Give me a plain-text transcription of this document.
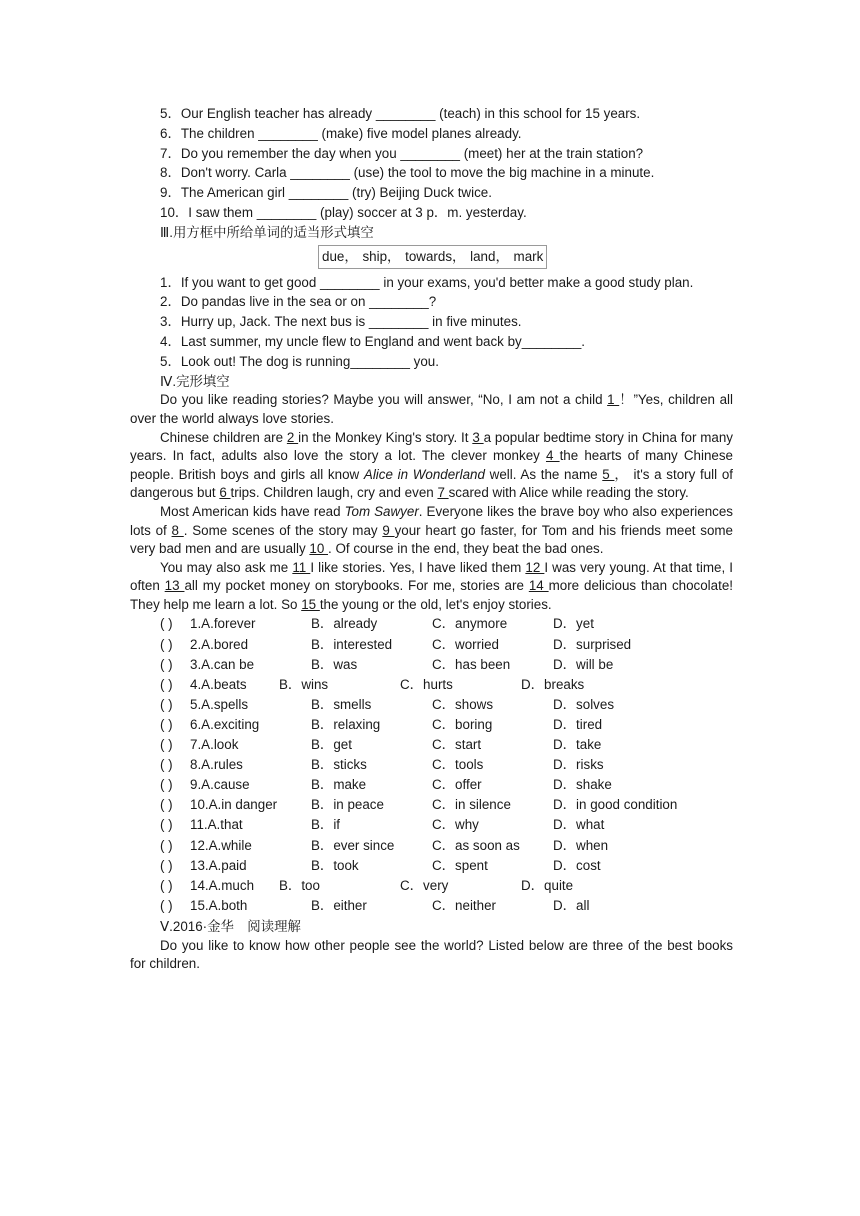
5．Our English teacher has already ________ (teach) in this school for 15 years.
6．The children ________ (make) five model planes already.
7．Do you remember the day when you ________ (meet) her at the train station?
8．Don't worry. Carla ________ (use) the tool to move the big machine in a minute.
9．The American girl ________ (try) Beijing Duck twice.
10．I saw them ________ (play) soccer at 3 p．m. yesterday.
Ⅲ.用方框中所给单词的适当形式填空
due， ship， towards， land， mark
1．If you want to get good ________ in your exams, you'd better make a good study plan.
2．Do pandas live in the sea or on ________?
3．Hurry up, Jack. The next bus is ________ in five minutes.
4．Last summer, my uncle flew to England and went back by________.
5．Look out! The dog is running________ you.
Ⅳ.完形填空
Do you like reading stories? Maybe you will answer, “No, I am not a child 1 ！”Yes, children all over the world always love stories.
Chinese children are 2 in the Monkey King's story. It 3 a popular bedtime story in China for many years. In fact, adults also love the story a lot. The clever monkey 4 the hearts of many Chinese people. British boys and girls all know Alice in Wonderland well. As the name 5 ， it's a story full of dangerous but 6 trips. Children laugh, cry and even 7 scared with Alice while reading the story.
Most American kids have read Tom Sawyer. Everyone likes the brave boy who also experiences lots of 8 . Some scenes of the story may 9 your heart go faster, for Tom and his friends meet some very bad men and are usually 10 . Of course in the end, they beat the bad ones.
You may also ask me 11 I like stories. Yes, I have liked them 12 I was very young. At that time, I often 13 all my pocket money on storybooks. For me, stories are 14 more delicious than chocolate! They help me learn a lot. So 15 the young or the old, let's enjoy stories.
( )	1.A.forever	B．already	C．anymore	D．yet
( )	2.A.bored	B．interested	C．worried	D．surprised
( )	3.A.can be	B．was	C．has been	D．will be
( )	4.A.beats	B．wins	C．hurts	D．breaks
( )	5.A.spells	B．smells	C．shows	D．solves
( )	6.A.exciting	B．relaxing	C．boring	D．tired
( )	7.A.look	B．get	C．start	D．take
( )	8.A.rules	B．sticks	C．tools	D．risks
( )	9.A.cause	B．make	C．offer	D．shake
( )	10.A.in danger	B．in peace	C．in silence	D．in good condition
( )	11.A.that	B．if	C．why	D．what
( )	12.A.while	B．ever since	C．as soon as	D．when
( )	13.A.paid	B．took	C．spent	D．cost
( )	14.A.much	B．too	C．very	D．quite
( )	15.A.both	B．either	C．neither	D．all
Ⅴ.2016·金华　阅读理解
Do you like to know how other people see the world? Listed below are three of the best books for children.
